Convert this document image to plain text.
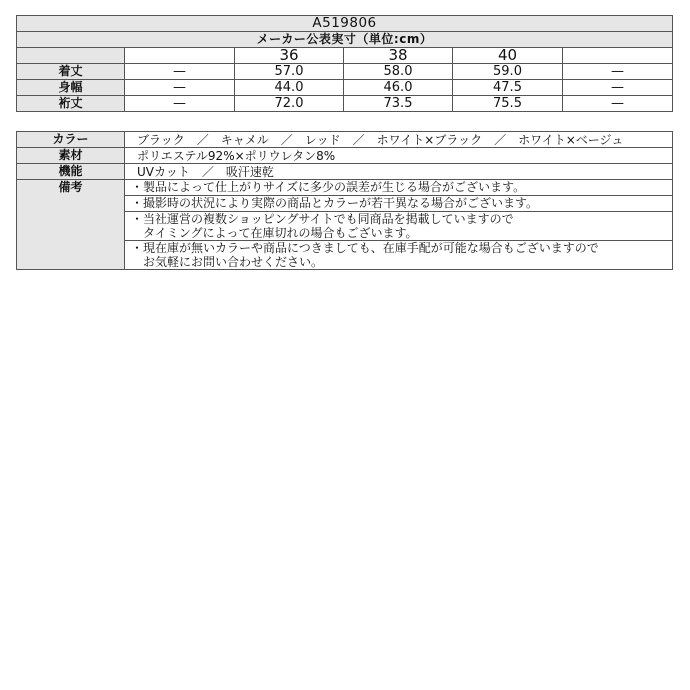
A519806					
メーカー公表実寸（単位:cm）					
		36	38	40	
着丈	—	57.0	58.0	59.0	—
身幅	—	44.0	46.0	47.5	—
裄丈	—	72.0	73.5	75.5	—
カラー	ブラック　／　キャメル　／　レッド　／　ホワイト×ブラック　／　ホワイト×ベージュ
素材	ポリエステル92%×ポリウレタン8%
機能	UVカット　／　吸汗速乾
備考	・製品によって仕上がりサイズに多少の誤差が生じる場合がございます。

	・撮影時の状況により実際の商品とカラーが若干異なる場合がございます。

	・当社運営の複数ショッピングサイトでも同商品を掲載していますので
　タイミングによって在庫切れの場合もございます。

	・現在庫が無いカラーや商品につきましても、在庫手配が可能な場合もございますので
　お気軽にお問い合わせください。
